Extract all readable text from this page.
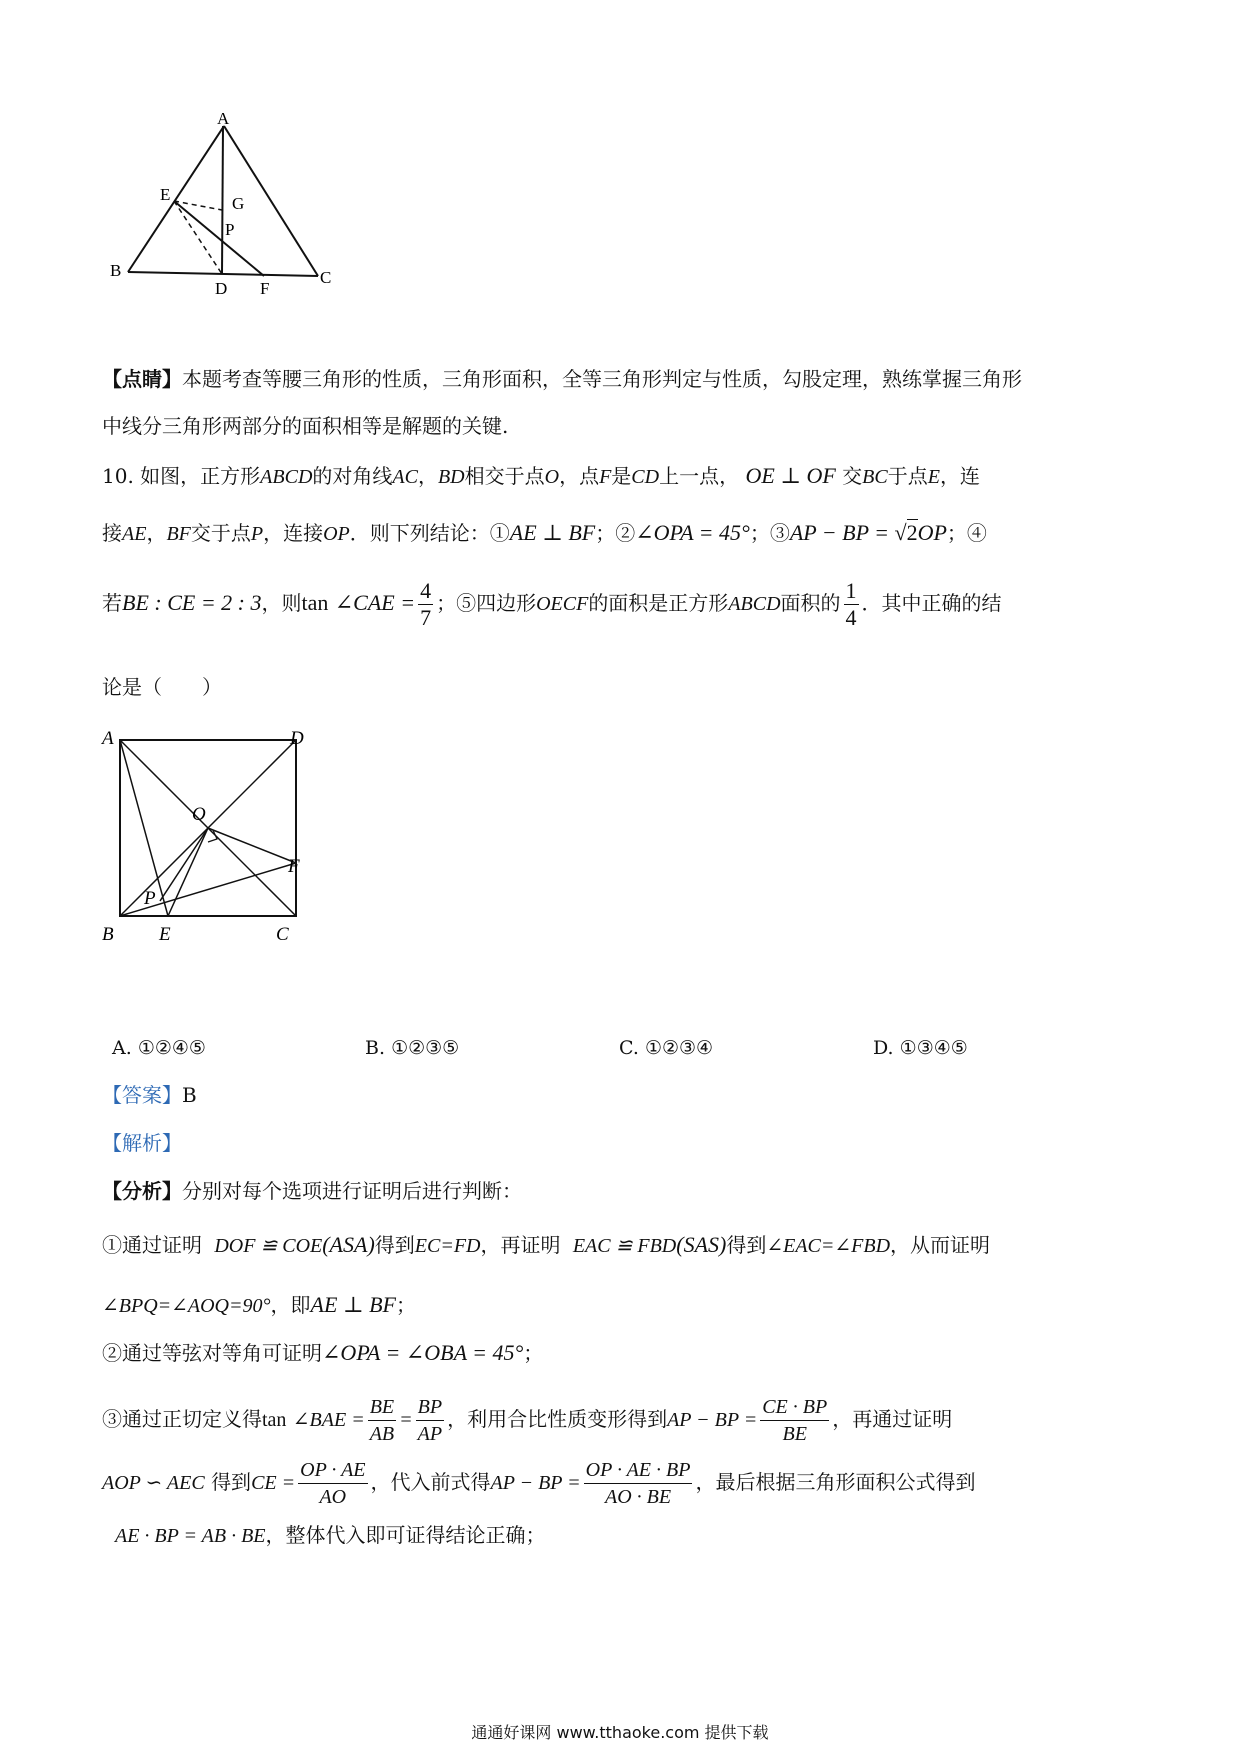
A
E	G
P
B	C
D F
【点睛】本题考查等腰三角形的性质，三角形面积，全等三角形判定与性质，勾股定理，熟练掌握三角形
中线分三角形两部分的面积相等是解题的关键.
10. 如图，正方形ABCD的对角线AC，BD相交于点O，点F是CD上一点， OE ⊥ OF 交BC于点E，连
接AE，BF交于点P，连接OP．则下列结论：①AE ⊥ BF；②∠OPA = 45°；③AP − BP = √2OP；④
若BE : CE = 2 : 3，则tan ∠CAE = $\frac{4}{7}$ ；⑤四边形OECF的面积是正方形ABCD面积的 $\frac{1}{4}$ ．其中正确的结
论是（　　）
A	D
O
F
P
B E	C
A. ①②④⑤	B. ①②③⑤	C. ①②③④	D. ①③④⑤
【答案】B
【解析】
【分析】分别对每个选项进行证明后进行判断：
①通过证明 DOF ≌ COE(ASA)得到EC=FD，再证明 EAC ≌ FBD(SAS)得到∠EAC=∠FBD，从而证明
∠BPQ=∠AOQ=90°，即AE ⊥ BF；
②通过等弦对等角可证明∠OPA = ∠OBA = 45°；
③通过正切定义得tan ∠BAE = $\frac{BE}{AB} = \frac{BP}{AP}$ ，利用合比性质变形得到AP − BP = $\frac{CE \cdot BP}{BE}$ ，再通过证明
AOP ∽ AEC 得到CE = $\frac{OP \cdot AE}{AO}$ ，代入前式得AP − BP = $\frac{OP \cdot AE \cdot BP}{AO \cdot BE}$ ，最后根据三角形面积公式得到
AE · BP = AB · BE，整体代入即可证得结论正确；
通通好课网 www.tthaoke.com 提供下载
